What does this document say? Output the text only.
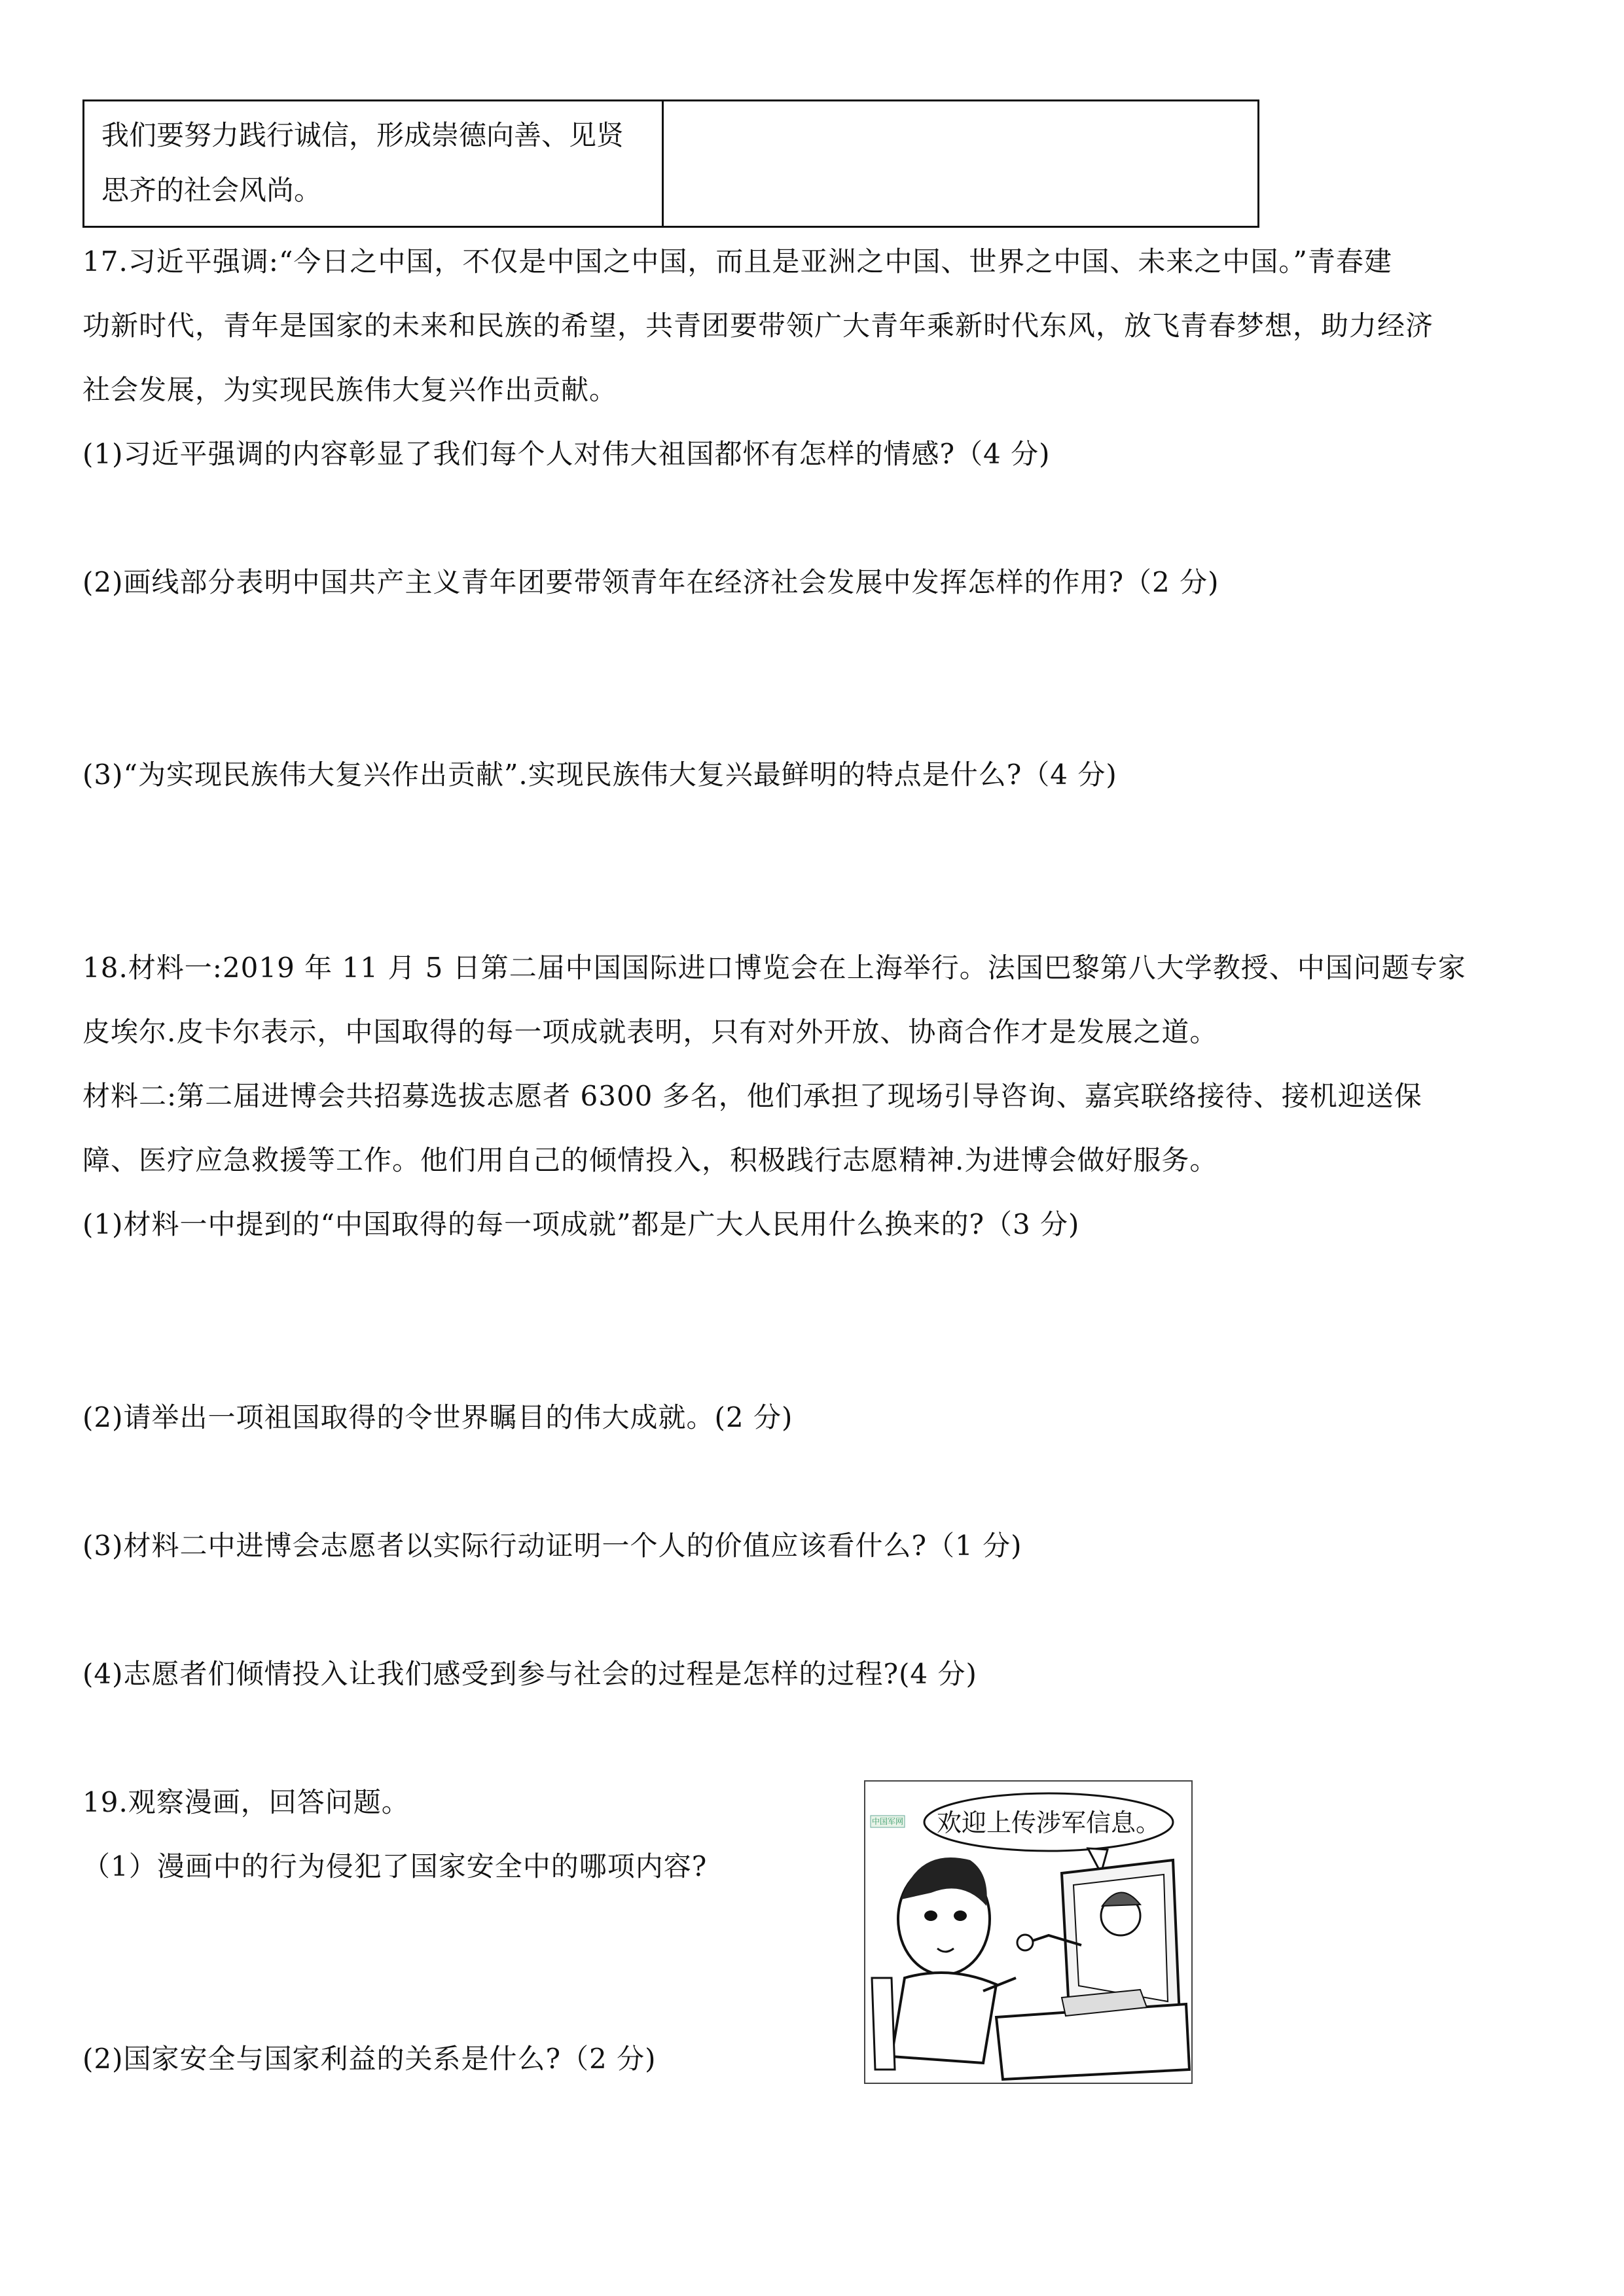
我们要努力践行诚信，形成崇德向善、见贤思齐的社会风尚。	
17.习近平强调:“今日之中国，不仅是中国之中国，而且是亚洲之中国、世界之中国、未来之中国。”青春建
功新时代，青年是国家的未来和民族的希望，共青团要带领广大青年乘新时代东风，放飞青春梦想，助力经济
社会发展，为实现民族伟大复兴作出贡献。
(1)习近平强调的内容彰显了我们每个人对伟大祖国都怀有怎样的情感?（4 分)
(2)画线部分表明中国共产主义青年团要带领青年在经济社会发展中发挥怎样的作用?（2 分)
(3)“为实现民族伟大复兴作出贡献”.实现民族伟大复兴最鲜明的特点是什么?（4 分)
18.材料一:2019 年 11 月 5 日第二届中国国际进口博览会在上海举行。法国巴黎第八大学教授、中国问题专家
皮埃尔.皮卡尔表示，中国取得的每一项成就表明，只有对外开放、协商合作才是发展之道。
材料二:第二届进博会共招募选拔志愿者 6300 多名，他们承担了现场引导咨询、嘉宾联络接待、接机迎送保
障、医疗应急救援等工作。他们用自己的倾情投入，积极践行志愿精神.为进博会做好服务。
(1)材料一中提到的“中国取得的每一项成就”都是广大人民用什么换来的?（3 分)
(2)请举出一项祖国取得的令世界瞩目的伟大成就。(2 分)
(3)材料二中进博会志愿者以实际行动证明一个人的价值应该看什么?（1 分)
(4)志愿者们倾情投入让我们感受到参与社会的过程是怎样的过程?(4 分)
19.观察漫画，回答问题。
（1）漫画中的行为侵犯了国家安全中的哪项内容?
(2)国家安全与国家利益的关系是什么?（2 分)
中国军网 欢迎上传涉军信息。
